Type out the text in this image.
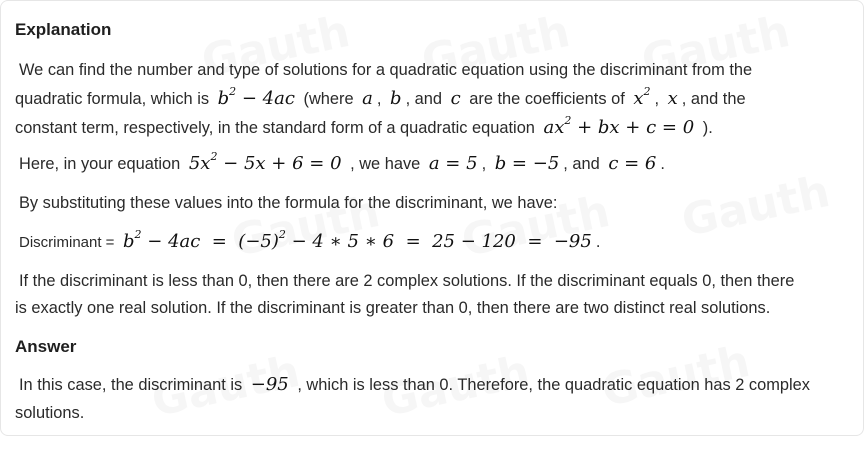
Explanation
We can find the number and type of solutions for a quadratic equation using the discriminant from the
quadratic formula, which is $b^2 - 4ac$ (where a , b , and c are the coefficients of $x^2$ , x , and the
constant term, respectively, in the standard form of a quadratic equation $ax^2$ + bx + c = 0 ).
Here, in your equation $5x^2 - 5x + 6 = 0$ , we have a = 5 , b = −5 , and c = 6 .
By substituting these values into the formula for the discriminant, we have:
Discriminant = $b^2 - 4ac = (-5)^2 - 4$ ∗ 5 ∗ 6  =  25 − 120  =  −95 .
If the discriminant is less than 0, then there are 2 complex solutions. If the discriminant equals 0, then there
is exactly one real solution. If the discriminant is greater than 0, then there are two distinct real solutions.
Answer
In this case, the discriminant is −95 , which is less than 0. Therefore, the quadratic equation has 2 complex
solutions.
